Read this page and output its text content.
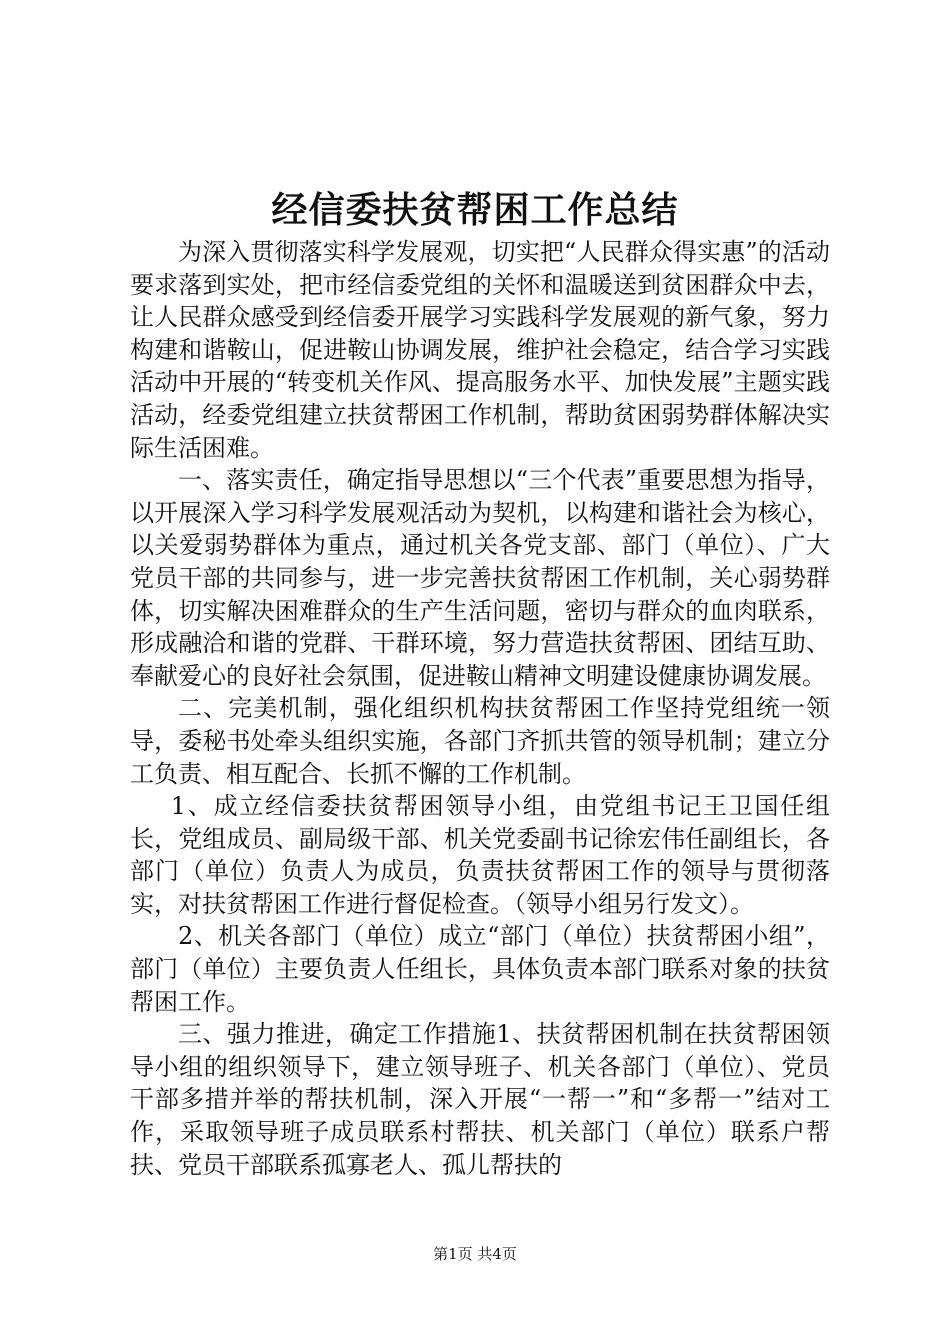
经信委扶贫帮困工作总结

为深入贯彻落实科学发展观，切实把“人民群众得实惠”的活动要求落到实处，把市经信委党组的关怀和温暖送到贫困群众中去，让人民群众感受到经信委开展学习实践科学发展观的新气象，努力构建和谐鞍山，促进鞍山协调发展，维护社会稳定，结合学习实践活动中开展的“转变机关作风、提高服务水平、加快发展”主题实践活动，经委党组建立扶贫帮困工作机制，帮助贫困弱势群体解决实际生活困难。

一、落实责任，确定指导思想以“三个代表”重要思想为指导，以开展深入学习科学发展观活动为契机，以构建和谐社会为核心，以关爱弱势群体为重点，通过机关各党支部、部门（单位）、广大党员干部的共同参与，进一步完善扶贫帮困工作机制，关心弱势群体，切实解决困难群众的生产生活问题，密切与群众的血肉联系，形成融洽和谐的党群、干群环境，努力营造扶贫帮困、团结互助、奉献爱心的良好社会氛围，促进鞍山精神文明建设健康协调发展。

二、完美机制，强化组织机构扶贫帮困工作坚持党组统一领导，委秘书处牵头组织实施，各部门齐抓共管的领导机制；建立分工负责、相互配合、长抓不懈的工作机制。

1、成立经信委扶贫帮困领导小组，由党组书记王卫国任组长，党组成员、副局级干部、机关党委副书记徐宏伟任副组长，各部门（单位）负责人为成员，负责扶贫帮困工作的领导与贯彻落实，对扶贫帮困工作进行督促检查。（领导小组另行发文）。

2、机关各部门（单位）成立“部门（单位）扶贫帮困小组”，部门（单位）主要负责人任组长，具体负责本部门联系对象的扶贫帮困工作。

三、强力推进，确定工作措施1、扶贫帮困机制在扶贫帮困领导小组的组织领导下，建立领导班子、机关各部门（单位）、党员干部多措并举的帮扶机制，深入开展“一帮一”和“多帮一”结对工作，采取领导班子成员联系村帮扶、机关部门（单位）联系户帮扶、党员干部联系孤寡老人、孤儿帮扶的

第1页 共4页
